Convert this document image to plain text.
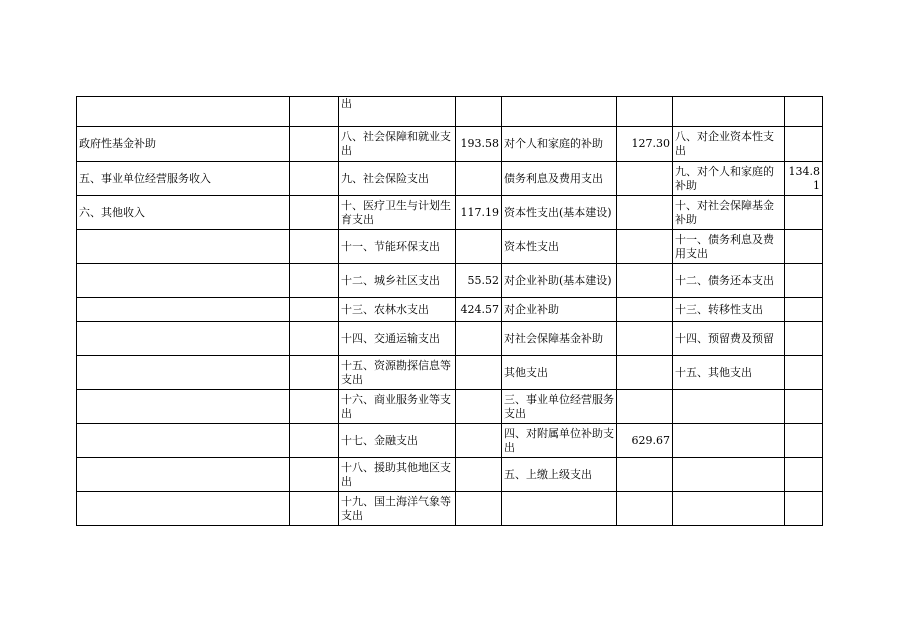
		出					
政府性基金补助		八、社会保障和就业支出	193.58	对个人和家庭的补助	127.30	八、对企业资本性支出	
五、事业单位经营服务收入		九、社会保险支出		债务利息及费用支出		九、对个人和家庭的补助	134.81
六、其他收入		十、医疗卫生与计划生育支出	117.19	资本性支出(基本建设)		十、对社会保障基金补助	
		十一、节能环保支出		资本性支出		十一、债务利息及费用支出	
		十二、城乡社区支出	55.52	对企业补助(基本建设)		十二、债务还本支出	
		十三、农林水支出	424.57	对企业补助		十三、转移性支出	
		十四、交通运输支出		对社会保障基金补助		十四、预留费及预留	
		十五、资源勘探信息等支出		其他支出		十五、其他支出	
		十六、商业服务业等支出		三、事业单位经营服务支出			
		十七、金融支出		四、对附属单位补助支出	629.67		
		十八、援助其他地区支出		五、上缴上级支出			
		十九、国土海洋气象等支出					
